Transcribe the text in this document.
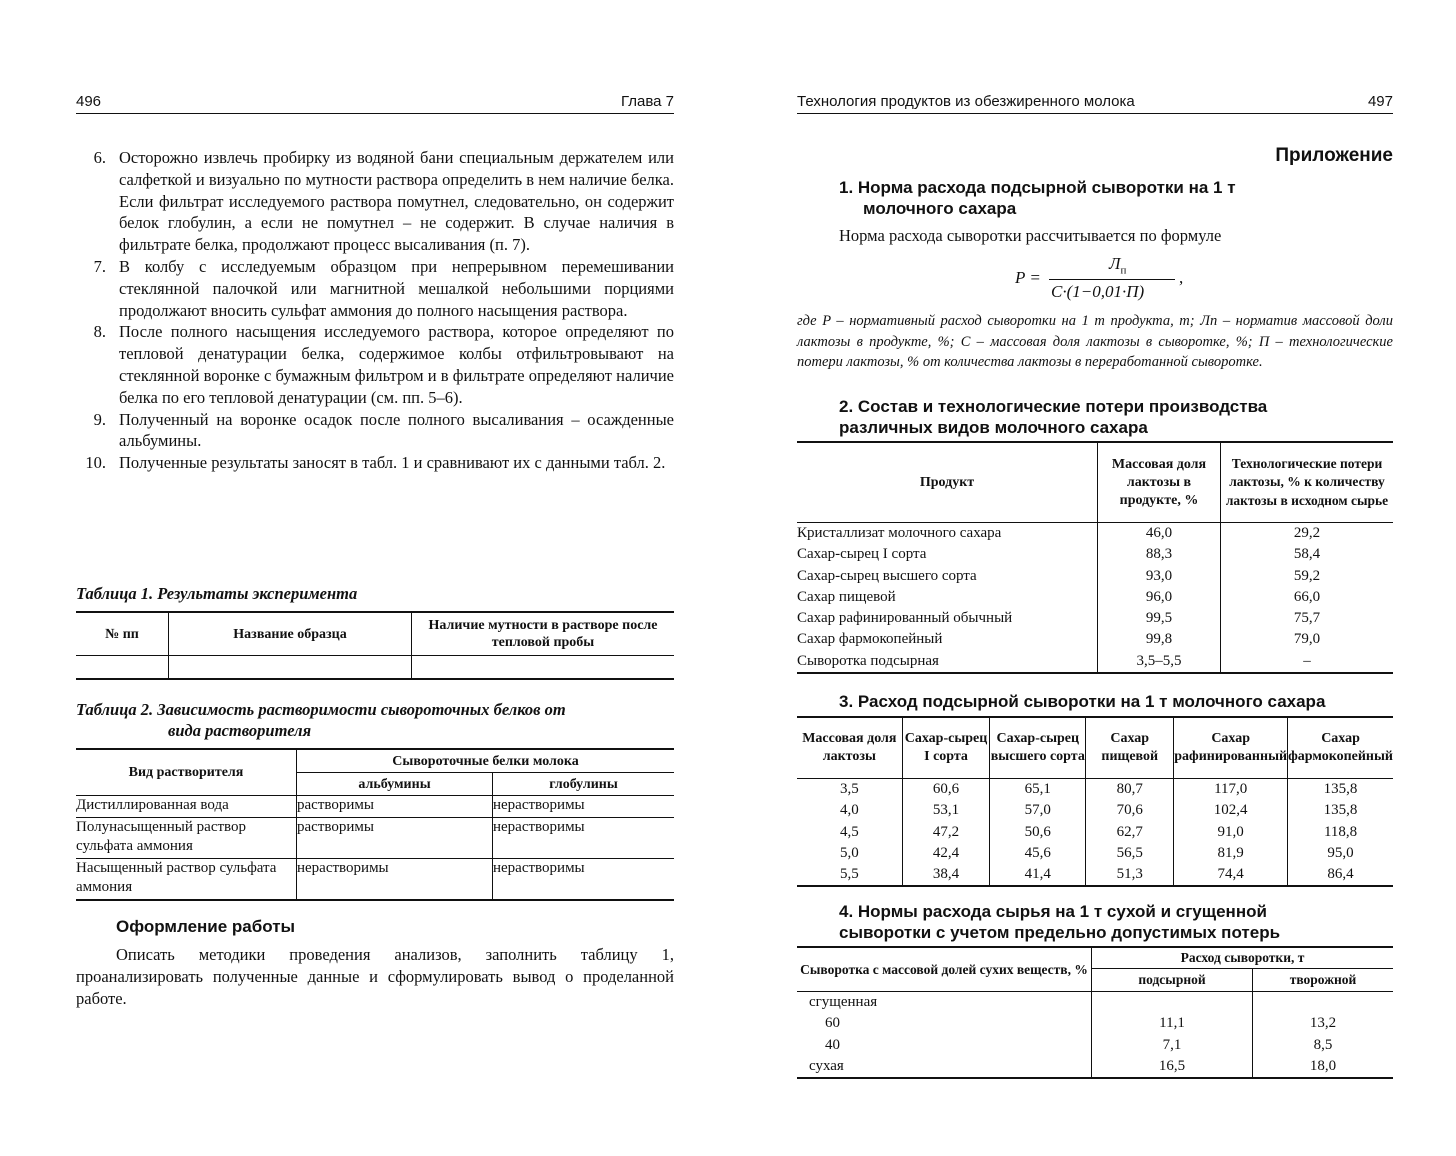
496	Глава 7
6. Осторожно извлечь пробирку из водяной бани специальным держателем или салфеткой и визуально по мутности раствора определить в нем наличие белка. Если фильтрат исследуемого раствора помутнел, следовательно, он содержит белок глобулин, а если не помутнел – не содержит. В случае наличия в фильтрате белка, продолжают процесс высаливания (п. 7).
7. В колбу с исследуемым образцом при непрерывном перемешивании стеклянной палочкой или магнитной мешалкой небольшими порциями продолжают вносить сульфат аммония до полного насыщения раствора.
8. После полного насыщения исследуемого раствора, которое определяют по тепловой денатурации белка, содержимое колбы отфильтровывают на стеклянной воронке с бумажным фильтром и в фильтрате определяют наличие белка по его тепловой денатурации (см. пп. 5–6).
9. Полученный на воронке осадок после полного высаливания – осажденные альбумины.
10. Полученные результаты заносят в табл. 1 и сравнивают их с данными табл. 2.
Таблица 1. Результаты эксперимента
№ пп	Название образца	Наличие мутности в растворе после тепловой пробы

Таблица 2. Зависимость растворимости сывороточных белков от
вида растворителя
Вид растворителя	Сывороточные белки молока	
	альбумины	глобулины
Дистиллированная вода	растворимы	нерастворимы
Полунасыщенный раствор сульфата аммония	растворимы	нерастворимы
Насыщенный раствор сульфата аммония	нерастворимы	нерастворимы
Оформление работы
Описать методики проведения анализов, заполнить таблицу 1, проанализировать полученные данные и сформулировать вывод о проделанной работе.
Технология продуктов из обезжиренного молока	497
Приложение
1. Норма расхода подсырной сыворотки на 1 т
молочного сахара
Норма расхода сыворотки рассчитывается по формуле
P =
$Л_п$
C·(1−0,01·П)
,
где P – нормативный расход сыворотки на 1 т продукта, т; Лп – норматив массовой доли лактозы в продукте, %; C – массовая доля лактозы в сыворотке, %; П – технологические потери лактозы, % от количества лактозы в переработанной сыворотке.
2. Состав и технологические потери производства
различных видов молочного сахара
Продукт	Массовая доля лактозы в продукте, %	Технологические потери лактозы, % к количеству лактозы в исходном сырье
Кристаллизат молочного сахара	46,0	29,2
Сахар-сырец I сорта	88,3	58,4
Сахар-сырец высшего сорта	93,0	59,2
Сахар пищевой	96,0	66,0
Сахар рафинированный обычный	99,5	75,7
Сахар фармокопейный	99,8	79,0
Сыворотка подсырная	3,5–5,5	–
3. Расход подсырной сыворотки на 1 т молочного сахара
Массовая доля лактозы	Сахар-сырец I сорта	Сахар-сырец высшего сорта	Сахар пищевой	Сахар рафинированный	Сахар фармокопейный
3,5	60,6	65,1	80,7	117,0	135,8
4,0	53,1	57,0	70,6	102,4	135,8
4,5	47,2	50,6	62,7	91,0	118,8
5,0	42,4	45,6	56,5	81,9	95,0
5,5	38,4	41,4	51,3	74,4	86,4
4. Нормы расхода сырья на 1 т сухой и сгущенной
сыворотки с учетом предельно допустимых потерь
Сыворотка с массовой долей сухих веществ, %	Расход сыворотки, т	
	подсырной	творожной
сгущенная		
60	11,1	13,2
40	7,1	8,5
сухая	16,5	18,0
